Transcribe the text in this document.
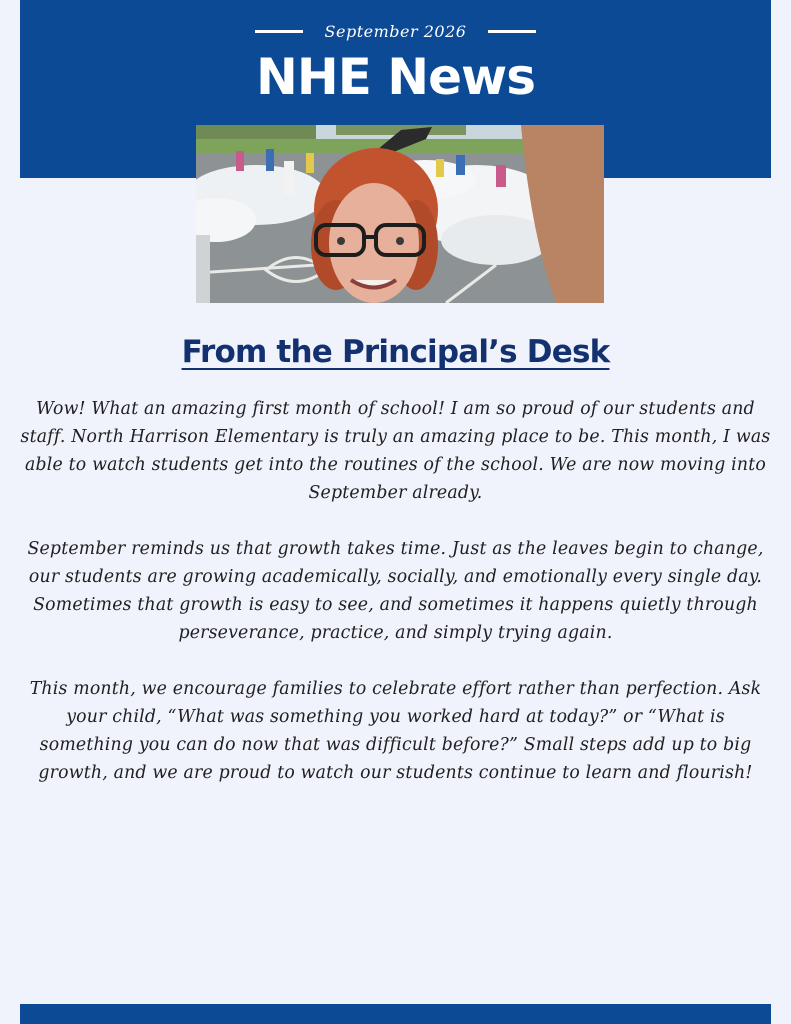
September 2026
NHE News
From the Principal’s Desk

Wow! What an amazing first month of school! I am so proud of our students and staff. North Harrison Elementary is truly an amazing place to be. This month, I was able to watch students get into the routines of the school. We are now moving into September already.

September reminds us that growth takes time. Just as the leaves begin to change, our students are growing academically, socially, and emotionally every single day. Sometimes that growth is easy to see, and sometimes it happens quietly through perseverance, practice, and simply trying again.

This month, we encourage families to celebrate effort rather than perfection. Ask your child, “What was something you worked hard at today?” or “What is something you can do now that was difficult before?” Small steps add up to big growth, and we are proud to watch our students continue to learn and flourish!
